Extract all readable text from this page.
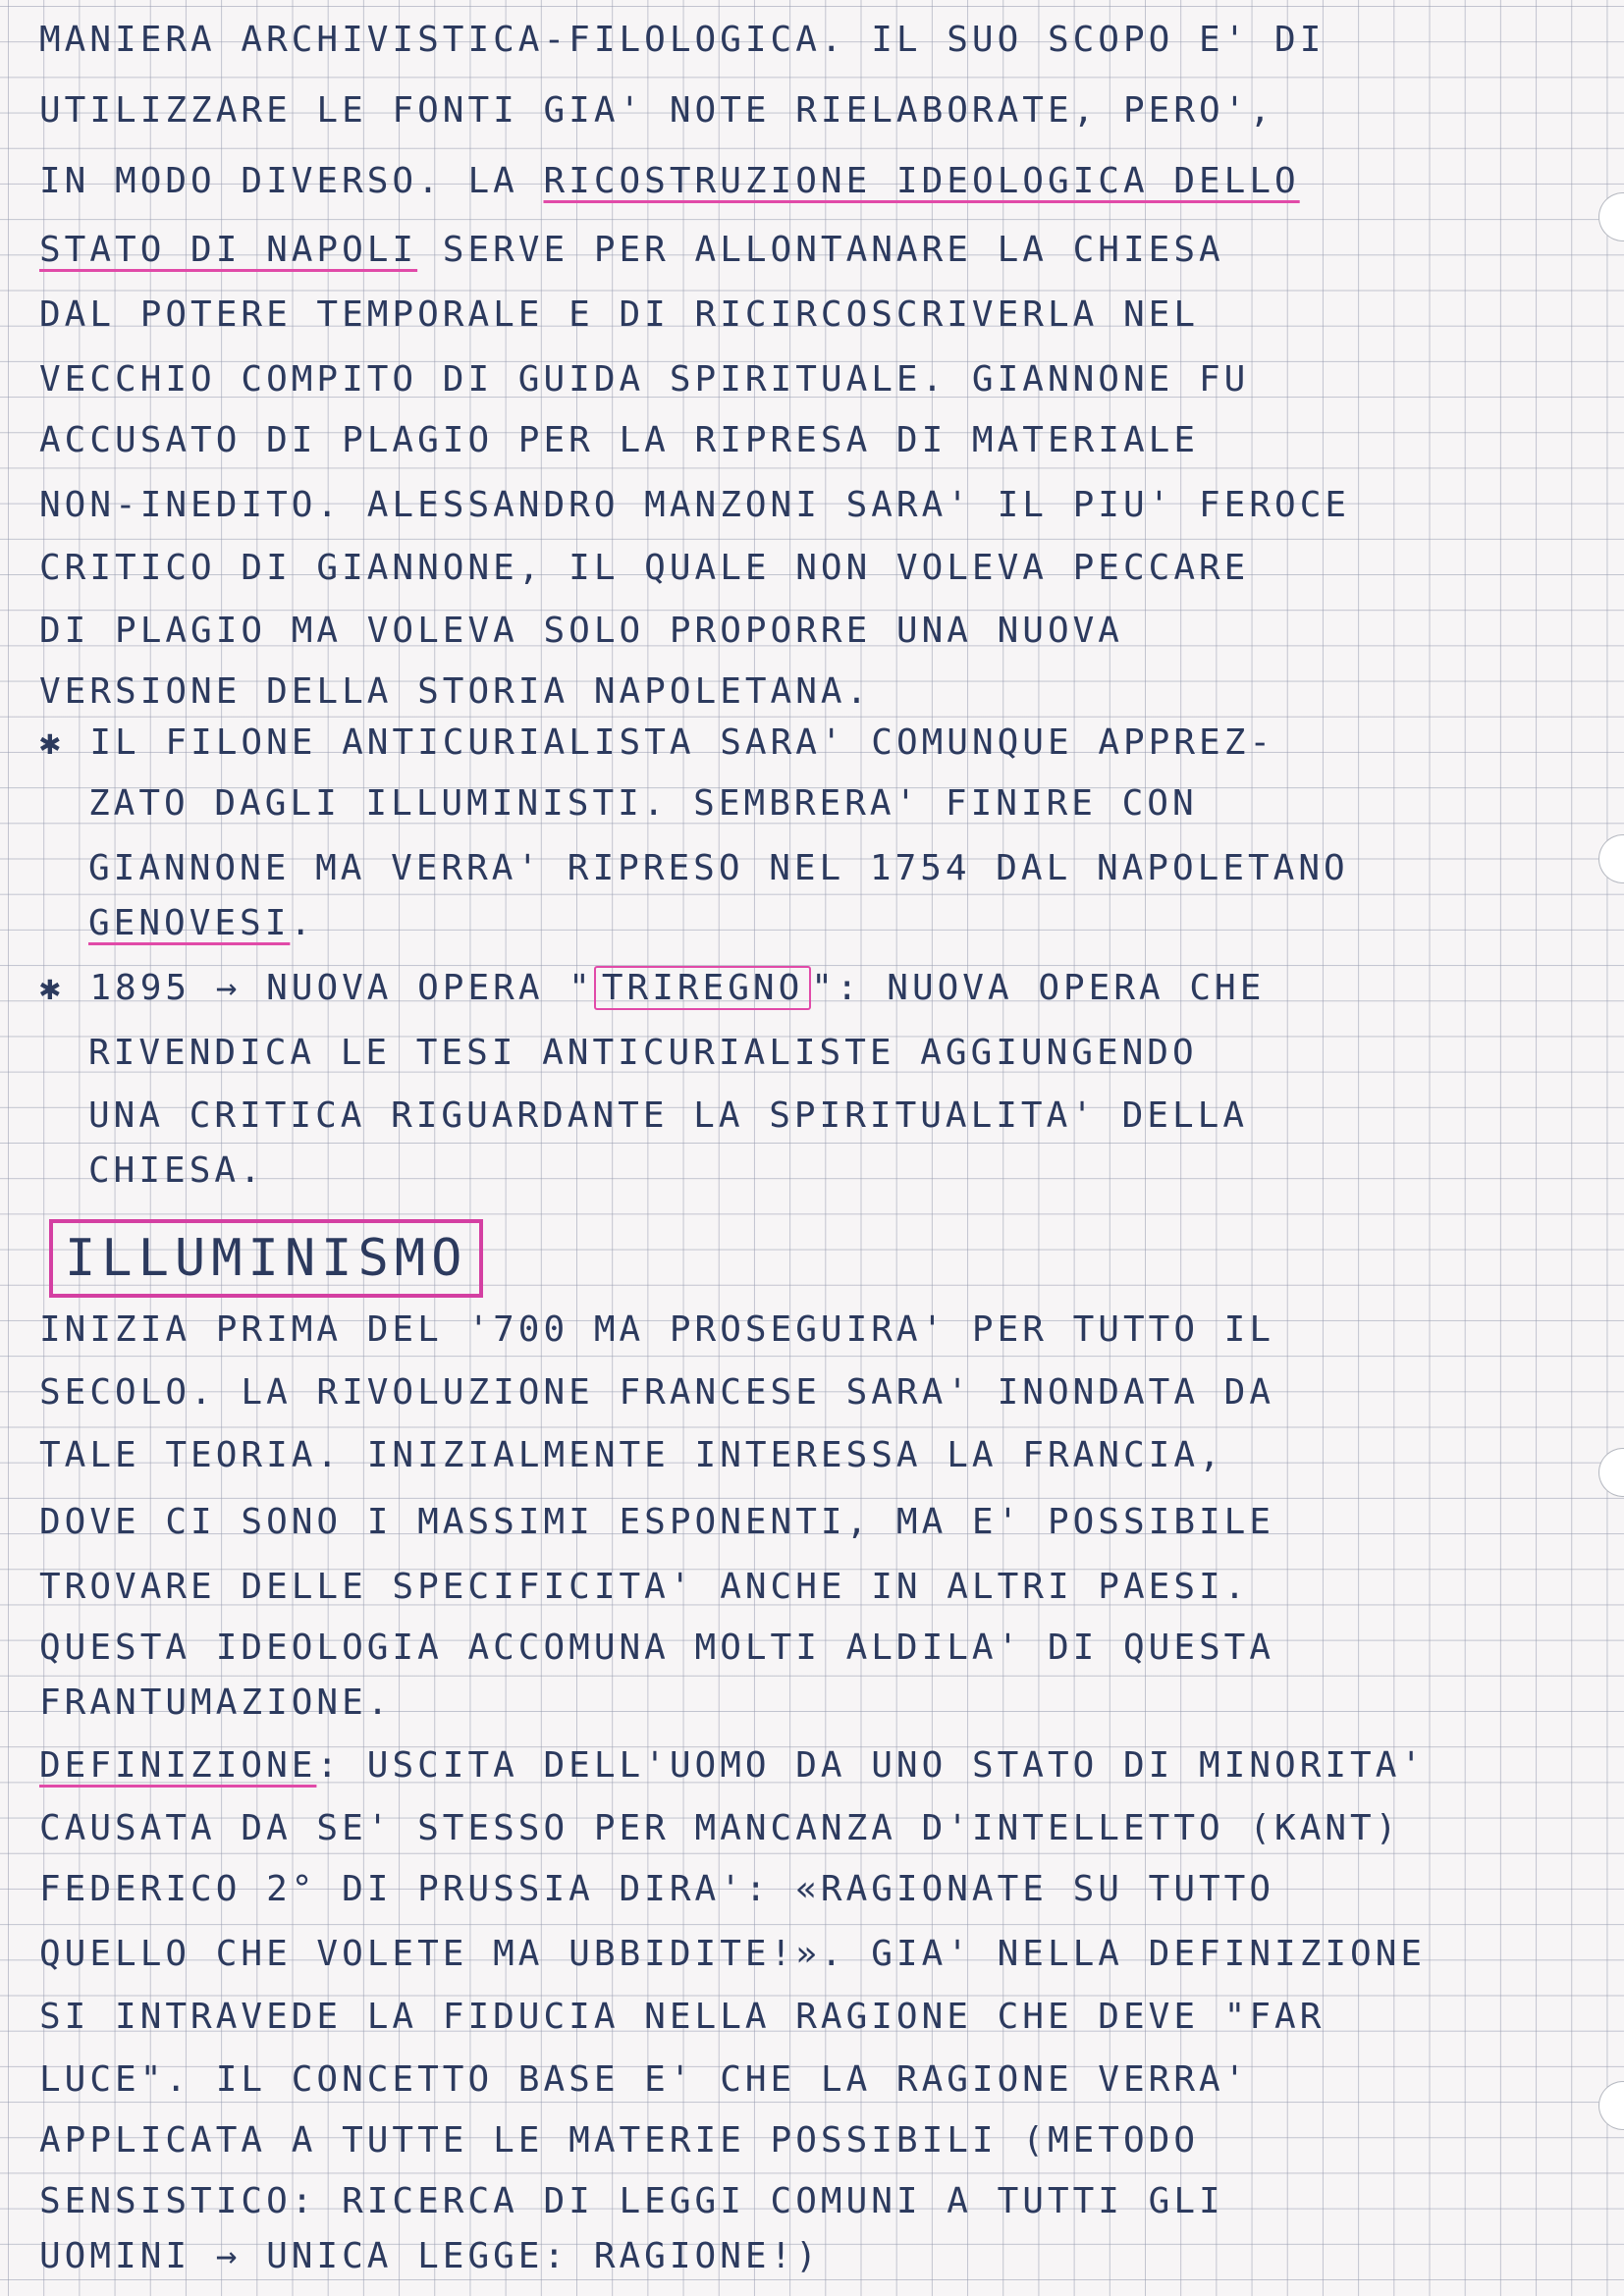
MANIERA ARCHIVISTICA-FILOLOGICA. IL SUO SCOPO E' DI
UTILIZZARE LE FONTI GIA' NOTE RIELABORATE, PERO',
IN MODO DIVERSO. LA RICOSTRUZIONE IDEOLOGICA DELLO
STATO DI NAPOLI SERVE PER ALLONTANARE LA CHIESA
DAL POTERE TEMPORALE E DI RICIRCOSCRIVERLA NEL
VECCHIO COMPITO DI GUIDA SPIRITUALE. GIANNONE FU
ACCUSATO DI PLAGIO PER LA RIPRESA DI MATERIALE
NON-INEDITO. ALESSANDRO MANZONI SARA' IL PIU' FEROCE
CRITICO DI GIANNONE, IL QUALE NON VOLEVA PECCARE
DI PLAGIO MA VOLEVA SOLO PROPORRE UNA NUOVA
VERSIONE DELLA STORIA NAPOLETANA.
✱ IL FILONE ANTICURIALISTA SARA' COMUNQUE APPREZ-
ZATO DAGLI ILLUMINISTI. SEMBRERA' FINIRE CON
GIANNONE MA VERRA' RIPRESO NEL 1754 DAL NAPOLETANO
GENOVESI.
✱ 1895 → NUOVA OPERA " TRIREGNO ": NUOVA OPERA CHE
RIVENDICA LE TESI ANTICURIALISTE AGGIUNGENDO
UNA CRITICA RIGUARDANTE LA SPIRITUALITA' DELLA
CHIESA.
ILLUMINISMO
INIZIA PRIMA DEL '700 MA PROSEGUIRA' PER TUTTO IL
SECOLO. LA RIVOLUZIONE FRANCESE SARA' INONDATA DA
TALE TEORIA. INIZIALMENTE INTERESSA LA FRANCIA,
DOVE CI SONO I MASSIMI ESPONENTI, MA E' POSSIBILE
TROVARE DELLE SPECIFICITA' ANCHE IN ALTRI PAESI.
QUESTA IDEOLOGIA ACCOMUNA MOLTI ALDILA' DI QUESTA
FRANTUMAZIONE.
DEFINIZIONE: USCITA DELL'UOMO DA UNO STATO DI MINORITA'
CAUSATA DA SE' STESSO PER MANCANZA D'INTELLETTO (KANT)
FEDERICO 2° DI PRUSSIA DIRA': «RAGIONATE SU TUTTO
QUELLO CHE VOLETE MA UBBIDITE!». GIA' NELLA DEFINIZIONE
SI INTRAVEDE LA FIDUCIA NELLA RAGIONE CHE DEVE "FAR
LUCE". IL CONCETTO BASE E' CHE LA RAGIONE VERRA'
APPLICATA A TUTTE LE MATERIE POSSIBILI (METODO
SENSISTICO: RICERCA DI LEGGI COMUNI A TUTTI GLI
UOMINI → UNICA LEGGE: RAGIONE!)
